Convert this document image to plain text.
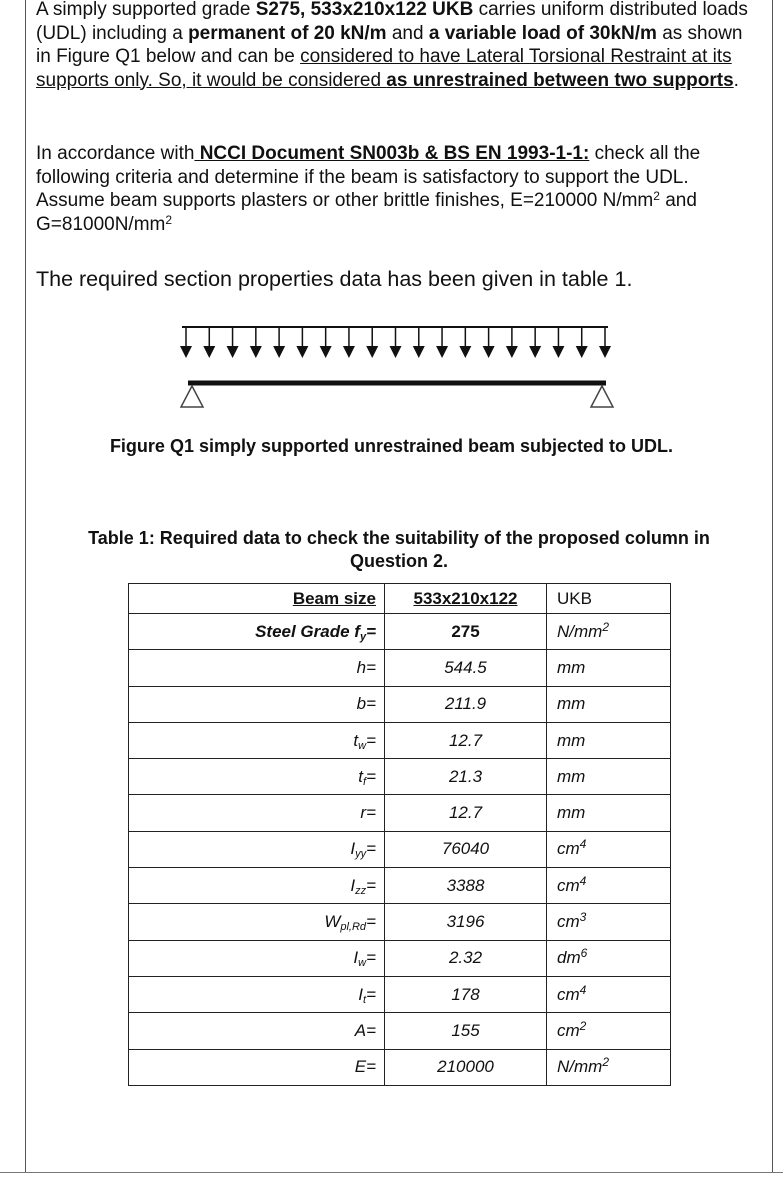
A simply supported grade S275, 533x210x122 UKB carries uniform distributed loads (UDL) including a permanent of 20 kN/m and a variable load of 30kN/m as shown in Figure Q1 below and can be considered to have Lateral Torsional Restraint at its supports only. So, it would be considered as unrestrained between two supports.
In accordance with NCCI Document SN003b & BS EN 1993-1-1: check all the following criteria and determine if the beam is satisfactory to support the UDL. Assume beam supports plasters or other brittle finishes, E=210000 $N/mm^2$ and $G=81000N/mm^2$
The required section properties data has been given in table 1.
Figure Q1 simply supported unrestrained beam subjected to UDL.
Table 1: Required data to check the suitability of the proposed column in
Question 2.
Beam size	533x210x122	UKB
Steel Grade $f_y=$	275	$N/mm^2$
h=	544.5	mm
b=	211.9	mm
$t_w=$	12.7	mm
$t_f=$	21.3	mm
r=	12.7	mm
$I_{yy}=$	76040	$cm^4$
$I_{zz}=$	3388	$cm^4$
$W_{pl,Rd}=$	3196	$cm^3$
$I_w=$	2.32	$dm^6$
$I_t=$	178	$cm^4$
A=	155	$cm^2$
E=	210000	$N/mm^2$
